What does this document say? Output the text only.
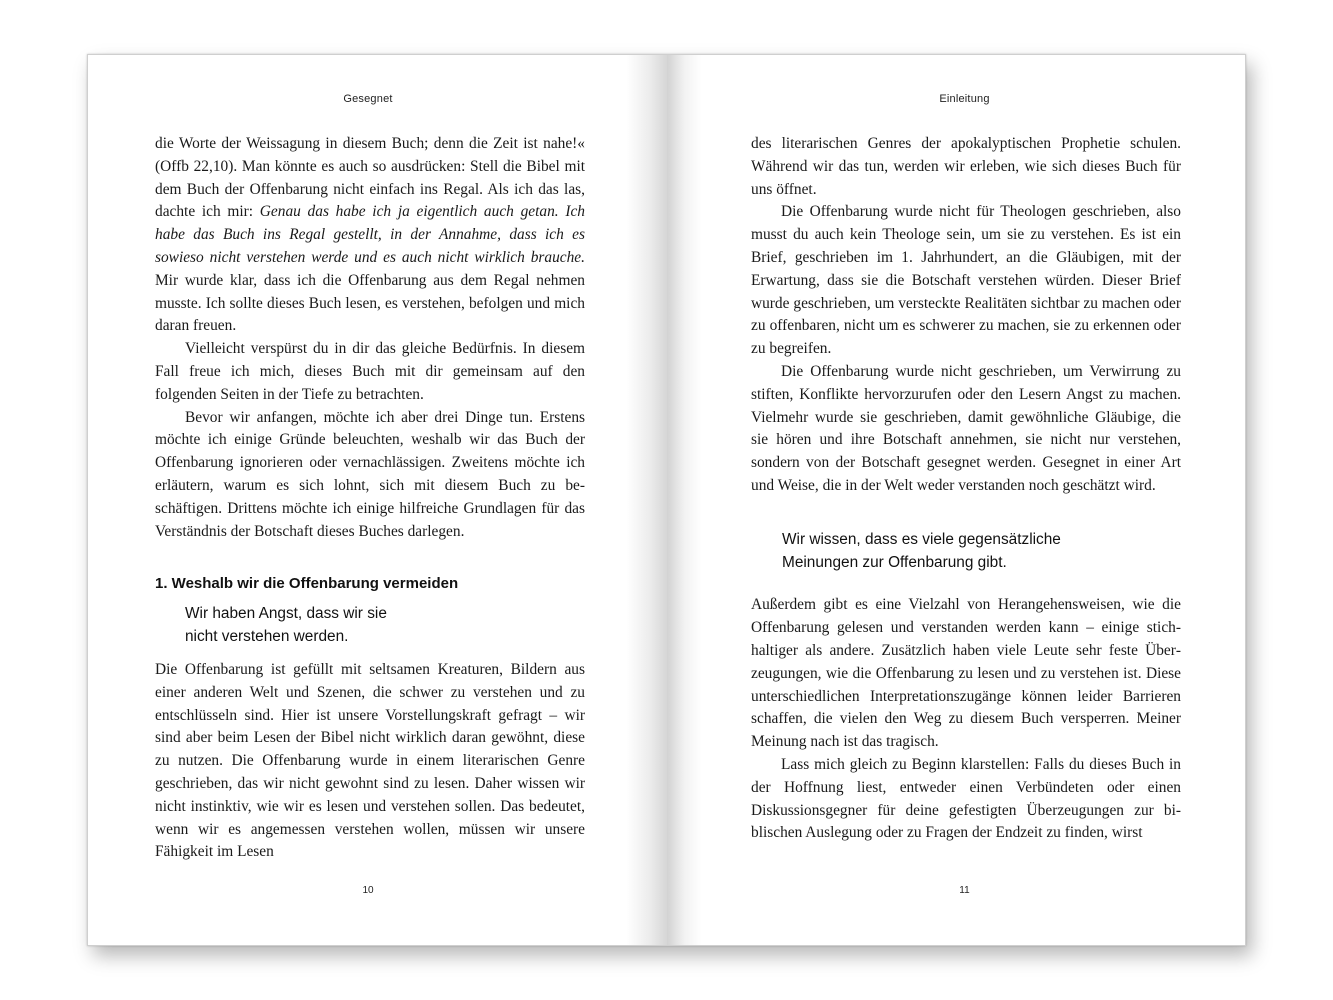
Gesegnet

die Worte der Weissagung in diesem Buch; denn die Zeit ist nahe!« (Offb 22,10). Man könnte es auch so ausdrücken: Stell die Bibel mit dem Buch der Offenbarung nicht einfach ins Regal. Als ich das las, dachte ich mir: Genau das habe ich ja eigentlich auch getan. Ich habe das Buch ins Regal gestellt, in der Annahme, dass ich es sowieso nicht verstehen werde und es auch nicht wirklich brauche. Mir wurde klar, dass ich die Offenbarung aus dem Regal nehmen musste. Ich sollte dieses Buch lesen, es verstehen, befolgen und mich daran freuen.

Vielleicht verspürst du in dir das gleiche Bedürfnis. In diesem Fall freue ich mich, dieses Buch mit dir gemeinsam auf den folgenden Seiten in der Tiefe zu betrachten.

Bevor wir anfangen, möchte ich aber drei Dinge tun. Erstens möchte ich einige Gründe beleuchten, weshalb wir das Buch der Offenbarung ignorieren oder vernachlässigen. Zweitens möchte ich erläutern, warum es sich lohnt, sich mit diesem Buch zu beschäftigen. Drittens möchte ich einige hilfreiche Grundlagen für das Verständnis der Botschaft dieses Buches darlegen.

1. Weshalb wir die Offenbarung vermeiden
Wir haben Angst, dass wir sie
nicht verstehen werden.

Die Offenbarung ist gefüllt mit seltsamen Kreaturen, Bildern aus einer anderen Welt und Szenen, die schwer zu verstehen und zu entschlüsseln sind. Hier ist unsere Vorstellungskraft gefragt – wir sind aber beim Lesen der Bibel nicht wirklich daran gewöhnt, diese zu nutzen. Die Offenbarung wurde in einem literarischen Genre geschrieben, das wir nicht gewohnt sind zu lesen. Daher wissen wir nicht instinktiv, wie wir es lesen und verstehen sollen. Das bedeutet, wenn wir es angemessen verstehen wollen, müssen wir unsere Fähigkeit im Lesen

10
Einleitung

des literarischen Genres der apokalyptischen Prophetie schulen. Während wir das tun, werden wir erleben, wie sich dieses Buch für uns öffnet.

Die Offenbarung wurde nicht für Theologen geschrieben, also musst du auch kein Theologe sein, um sie zu verstehen. Es ist ein Brief, geschrieben im 1. Jahrhundert, an die Gläubigen, mit der Erwartung, dass sie die Botschaft verstehen würden. Dieser Brief wurde geschrieben, um versteckte Realitäten sichtbar zu machen oder zu offenbaren, nicht um es schwerer zu machen, sie zu erkennen oder zu begreifen.

Die Offenbarung wurde nicht geschrieben, um Verwirrung zu stiften, Konflikte hervorzurufen oder den Lesern Angst zu machen. Vielmehr wurde sie geschrieben, damit gewöhnliche Gläubige, die sie hören und ihre Botschaft annehmen, sie nicht nur verstehen, sondern von der Botschaft gesegnet werden. Gesegnet in einer Art und Weise, die in der Welt weder verstanden noch geschätzt wird.

Wir wissen, dass es viele gegensätzliche
Meinungen zur Offenbarung gibt.

Außerdem gibt es eine Vielzahl von Herangehensweisen, wie die Offenbarung gelesen und verstanden werden kann – einige stichhaltiger als andere. Zusätzlich haben viele Leute sehr feste Überzeugungen, wie die Offenbarung zu lesen und zu verstehen ist. Diese unterschiedlichen Interpretationszugänge können leider Barrieren schaffen, die vielen den Weg zu diesem Buch versperren. Meiner Meinung nach ist das tragisch.

Lass mich gleich zu Beginn klarstellen: Falls du dieses Buch in der Hoffnung liest, entweder einen Verbündeten oder einen Diskussionsgegner für deine gefestigten Überzeugungen zur biblischen Auslegung oder zu Fragen der Endzeit zu finden, wirst

11
